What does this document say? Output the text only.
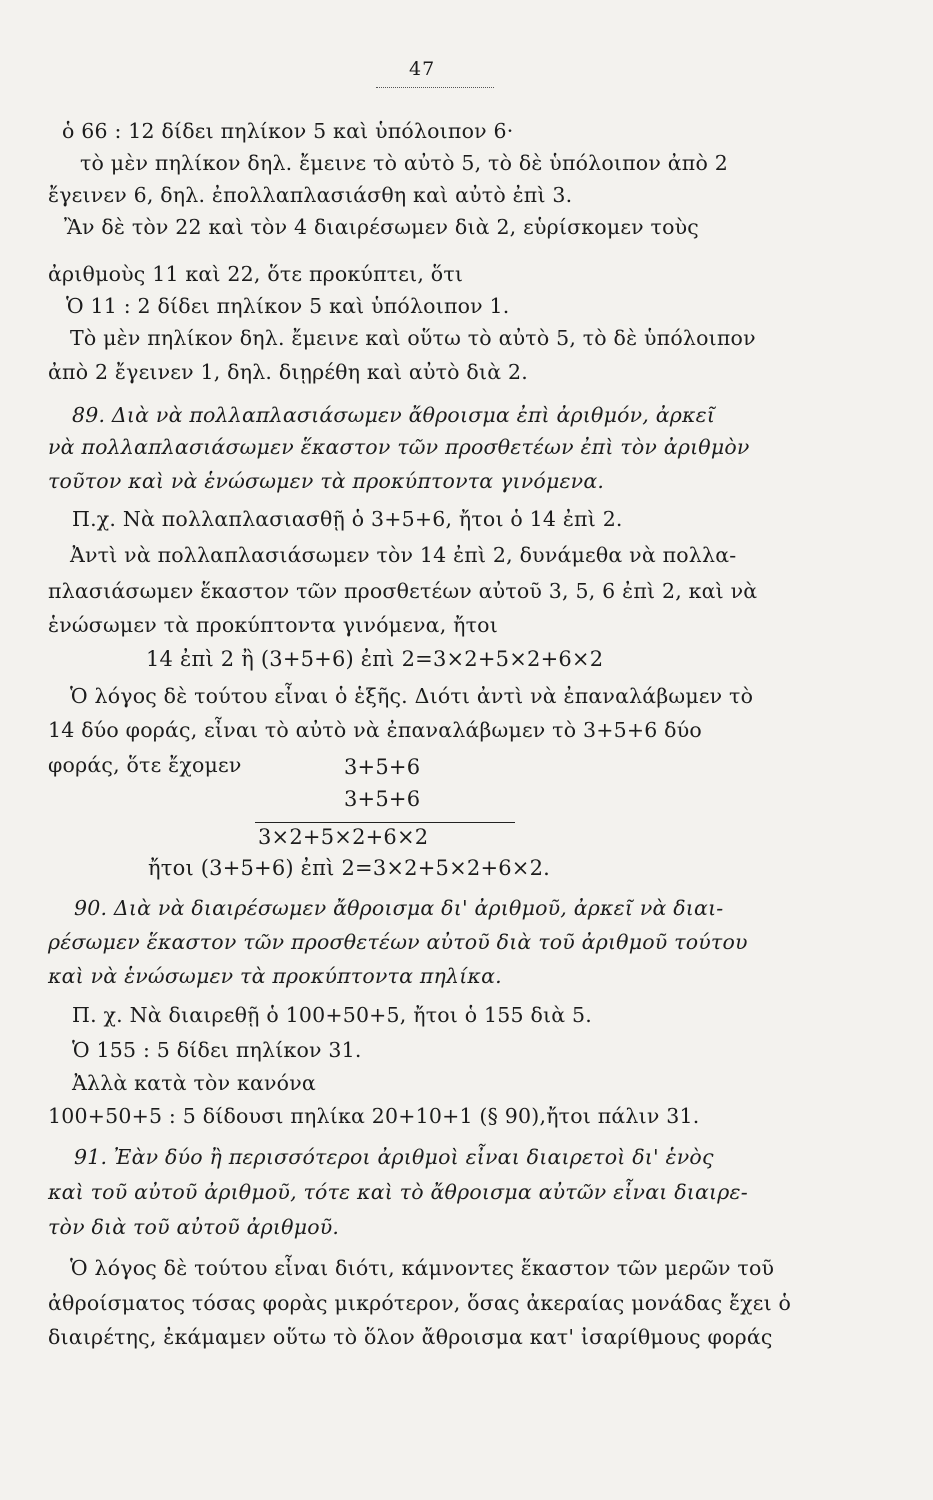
47
ὁ 66 : 12 δίδει πηλίκον 5 καὶ ὑπόλοιπον 6·
τὸ μὲν πηλίκον δηλ. ἔμεινε τὸ αὐτὸ 5, τὸ δὲ ὑπόλοιπον ἀπὸ 2
ἔγεινεν 6, δηλ. ἐπολλαπλασιάσθη καὶ αὐτὸ ἐπὶ 3.
Ἂν δὲ τὸν 22 καὶ τὸν 4 διαιρέσωμεν διὰ 2, εὑρίσκομεν τοὺς
ἀριθμοὺς 11 καὶ 22, ὅτε προκύπτει, ὅτι
Ὁ 11 : 2 δίδει πηλίκον 5 καὶ ὑπόλοιπον 1.
Τὸ μὲν πηλίκον δηλ. ἔμεινε καὶ οὕτω τὸ αὐτὸ 5, τὸ δὲ ὑπόλοιπον
ἀπὸ 2 ἔγεινεν 1, δηλ. διῃρέθη καὶ αὐτὸ διὰ 2.
89. Διὰ νὰ πολλαπλασιάσωμεν ἄθροισμα ἐπὶ ἀριθμόν, ἀρκεῖ
νὰ πολλαπλασιάσωμεν ἕκαστον τῶν προσθετέων ἐπὶ τὸν ἀριθμὸν
τοῦτον καὶ νὰ ἑνώσωμεν τὰ προκύπτοντα γινόμενα.
Π.χ. Νὰ πολλαπλασιασθῇ ὁ 3+5+6, ἤτοι ὁ 14 ἐπὶ 2.
Ἀντὶ νὰ πολλαπλασιάσωμεν τὸν 14 ἐπὶ 2, δυνάμεθα νὰ πολλα-
πλασιάσωμεν ἕκαστον τῶν προσθετέων αὐτοῦ 3, 5, 6 ἐπὶ 2, καὶ νὰ
ἑνώσωμεν τὰ προκύπτοντα γινόμενα, ἤτοι
14 ἐπὶ 2 ἢ (3+5+6) ἐπὶ 2=3×2+5×2+6×2
Ὁ λόγος δὲ τούτου εἶναι ὁ ἑξῆς. Διότι ἀντὶ νὰ ἐπαναλάβωμεν τὸ
14 δύο φοράς, εἶναι τὸ αὐτὸ νὰ ἐπαναλάβωμεν τὸ 3+5+6 δύο
φοράς, ὅτε ἔχομεν	3+5+6
3+5+6
3×2+5×2+6×2
ἤτοι (3+5+6) ἐπὶ 2=3×2+5×2+6×2.
90. Διὰ νὰ διαιρέσωμεν ἄθροισμα δι' ἀριθμοῦ, ἀρκεῖ νὰ διαι-
ρέσωμεν ἕκαστον τῶν προσθετέων αὐτοῦ διὰ τοῦ ἀριθμοῦ τούτου
καὶ νὰ ἑνώσωμεν τὰ προκύπτοντα πηλίκα.
Π. χ. Νὰ διαιρεθῇ ὁ 100+50+5, ἤτοι ὁ 155 διὰ 5.
Ὁ 155 : 5 δίδει πηλίκον 31.
Ἀλλὰ κατὰ τὸν κανόνα
100+50+5 : 5 δίδουσι πηλίκα 20+10+1 (§ 90),ἤτοι πάλιν 31.
91. Ἐὰν δύο ἢ περισσότεροι ἀριθμοὶ εἶναι διαιρετοὶ δι' ἑνὸς
καὶ τοῦ αὐτοῦ ἀριθμοῦ, τότε καὶ τὸ ἄθροισμα αὐτῶν εἶναι διαιρε-
τὸν διὰ τοῦ αὐτοῦ ἀριθμοῦ.
Ὁ λόγος δὲ τούτου εἶναι διότι, κάμνοντες ἕκαστον τῶν μερῶν τοῦ
ἀθροίσματος τόσας φορὰς μικρότερον, ὅσας ἀκεραίας μονάδας ἔχει ὁ
διαιρέτης, ἐκάμαμεν οὕτω τὸ ὅλον ἄθροισμα κατ' ἰσαρίθμους φοράς
